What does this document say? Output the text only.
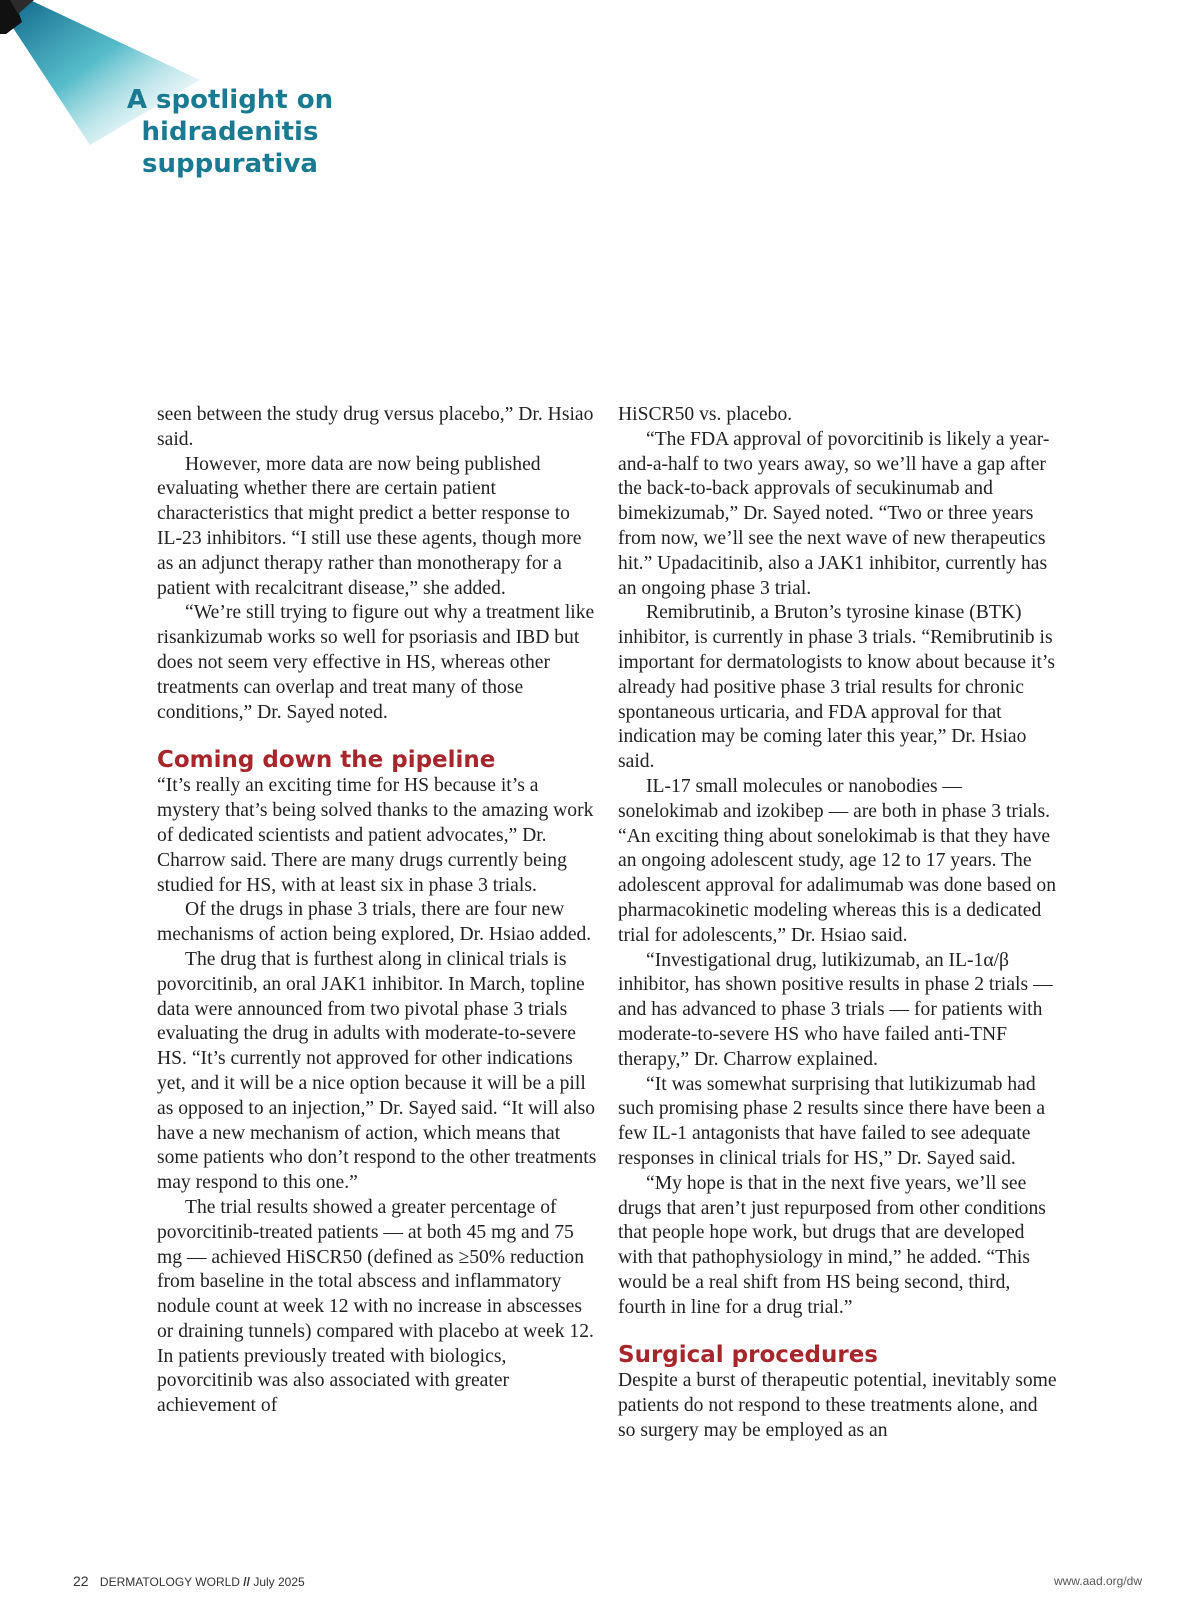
A spotlight on hidradenitis suppurativa

seen between the study drug versus placebo,” Dr. Hsiao said.

However, more data are now being published evaluating whether there are certain patient characteristics that might predict a better response to IL-23 inhibitors. “I still use these agents, though more as an adjunct therapy rather than monotherapy for a patient with recalcitrant disease,” she added.

“We’re still trying to figure out why a treatment like risankizumab works so well for psoriasis and IBD but does not seem very effective in HS, whereas other treatments can overlap and treat many of those conditions,” Dr. Sayed noted.

Coming down the pipeline

“It’s really an exciting time for HS because it’s a mystery that’s being solved thanks to the amazing work of dedicated scientists and patient advocates,” Dr. Charrow said. There are many drugs currently being studied for HS, with at least six in phase 3 trials.

Of the drugs in phase 3 trials, there are four new mechanisms of action being explored, Dr. Hsiao added.

The drug that is furthest along in clinical trials is povorcitinib, an oral JAK1 inhibitor. In March, topline data were announced from two pivotal phase 3 trials evaluating the drug in adults with moderate-to-severe HS. “It’s currently not approved for other indications yet, and it will be a nice option because it will be a pill as opposed to an injection,” Dr. Sayed said. “It will also have a new mechanism of action, which means that some patients who don’t respond to the other treatments may respond to this one.”

The trial results showed a greater percentage of povorcitinib-treated patients — at both 45 mg and 75 mg — achieved HiSCR50 (defined as ≥50% reduction from baseline in the total abscess and inflammatory nodule count at week 12 with no increase in abscesses or draining tunnels) compared with placebo at week 12. In patients previously treated with biologics, povorcitinib was also associated with greater achievement of

HiSCR50 vs. placebo.

“The FDA approval of povorcitinib is likely a year-and-a-half to two years away, so we’ll have a gap after the back-to-back approvals of secukinumab and bimekizumab,” Dr. Sayed noted. “Two or three years from now, we’ll see the next wave of new therapeutics hit.” Upadacitinib, also a JAK1 inhibitor, currently has an ongoing phase 3 trial.

Remibrutinib, a Bruton’s tyrosine kinase (BTK) inhibitor, is currently in phase 3 trials. “Remibrutinib is important for dermatologists to know about because it’s already had positive phase 3 trial results for chronic spontaneous urticaria, and FDA approval for that indication may be coming later this year,” Dr. Hsiao said.

IL-17 small molecules or nanobodies — sonelokimab and izokibep — are both in phase 3 trials. “An exciting thing about sonelokimab is that they have an ongoing adolescent study, age 12 to 17 years. The adolescent approval for adalimumab was done based on pharmacokinetic modeling whereas this is a dedicated trial for adolescents,” Dr. Hsiao said.

“Investigational drug, lutikizumab, an IL-1α/β inhibitor, has shown positive results in phase 2 trials — and has advanced to phase 3 trials — for patients with moderate-to-severe HS who have failed anti-TNF therapy,” Dr. Charrow explained.

“It was somewhat surprising that lutikizumab had such promising phase 2 results since there have been a few IL-1 antagonists that have failed to see adequate responses in clinical trials for HS,” Dr. Sayed said.

“My hope is that in the next five years, we’ll see drugs that aren’t just repurposed from other conditions that people hope work, but drugs that are developed with that pathophysiology in mind,” he added. “This would be a real shift from HS being second, third, fourth in line for a drug trial.”

Surgical procedures

Despite a burst of therapeutic potential, inevitably some patients do not respond to these treatments alone, and so surgery may be employed as an

22 DERMATOLOGY WORLD // July 2025	www.aad.org/dw
